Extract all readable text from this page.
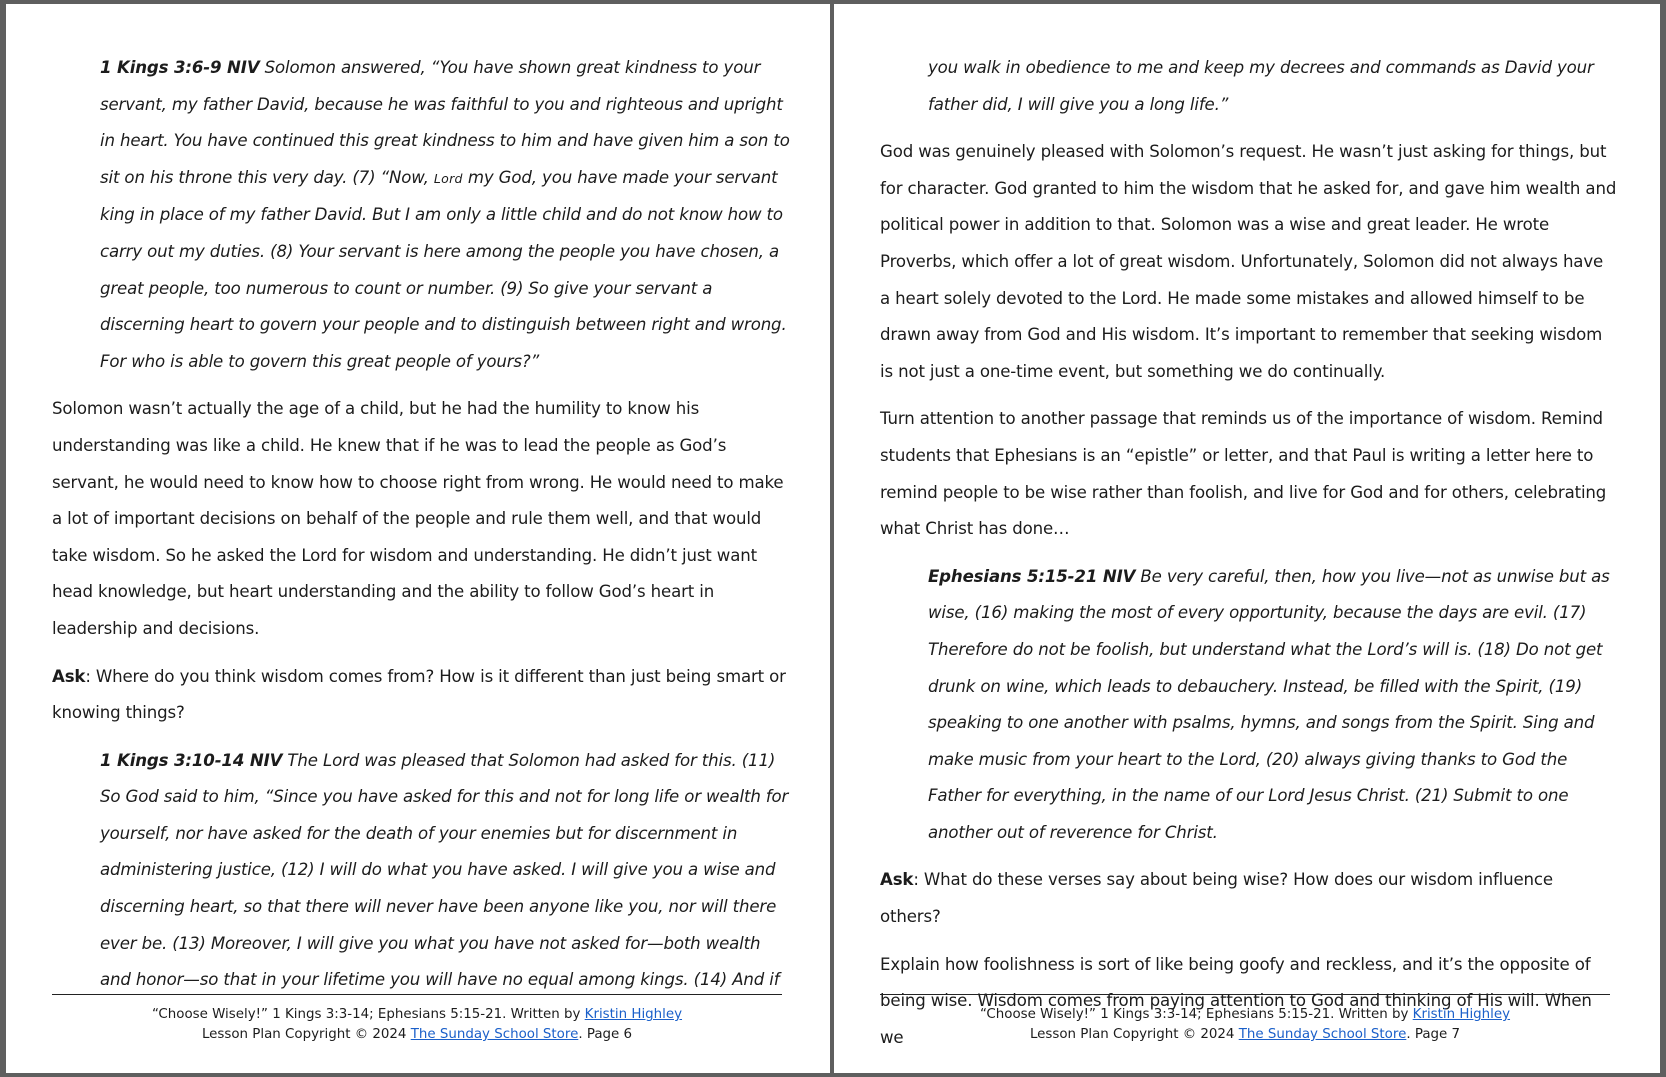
1 Kings 3:6-9 NIV Solomon answered, “You have shown great kindness to your servant, my father David, because he was faithful to you and righteous and upright in heart. You have continued this great kindness to him and have given him a son to sit on his throne this very day. (7) “Now, Lord my God, you have made your servant king in place of my father David. But I am only a little child and do not know how to carry out my duties. (8) Your servant is here among the people you have chosen, a great people, too numerous to count or number. (9) So give your servant a discerning heart to govern your people and to distinguish between right and wrong. For who is able to govern this great people of yours?”

Solomon wasn’t actually the age of a child, but he had the humility to know his understanding was like a child. He knew that if he was to lead the people as God’s servant, he would need to know how to choose right from wrong. He would need to make a lot of important decisions on behalf of the people and rule them well, and that would take wisdom. So he asked the Lord for wisdom and understanding. He didn’t just want head knowledge, but heart understanding and the ability to follow God’s heart in leadership and decisions.

Ask: Where do you think wisdom comes from? How is it different than just being smart or knowing things?

1 Kings 3:10-14 NIV The Lord was pleased that Solomon had asked for this. (11) So God said to him, “Since you have asked for this and not for long life or wealth for yourself, nor have asked for the death of your enemies but for discernment in administering justice, (12) I will do what you have asked. I will give you a wise and discerning heart, so that there will never have been anyone like you, nor will there ever be. (13) Moreover, I will give you what you have not asked for—both wealth and honor—so that in your lifetime you will have no equal among kings. (14) And if

“Choose Wisely!” 1 Kings 3:3-14; Ephesians 5:15-21. Written by Kristin Highley
Lesson Plan Copyright © 2024 The Sunday School Store. Page 6

you walk in obedience to me and keep my decrees and commands as David your father did, I will give you a long life.”

God was genuinely pleased with Solomon’s request. He wasn’t just asking for things, but for character. God granted to him the wisdom that he asked for, and gave him wealth and political power in addition to that. Solomon was a wise and great leader. He wrote Proverbs, which offer a lot of great wisdom. Unfortunately, Solomon did not always have a heart solely devoted to the Lord. He made some mistakes and allowed himself to be drawn away from God and His wisdom. It’s important to remember that seeking wisdom is not just a one-time event, but something we do continually.

Turn attention to another passage that reminds us of the importance of wisdom. Remind students that Ephesians is an “epistle” or letter, and that Paul is writing a letter here to remind people to be wise rather than foolish, and live for God and for others, celebrating what Christ has done…

Ephesians 5:15-21 NIV Be very careful, then, how you live—not as unwise but as wise, (16) making the most of every opportunity, because the days are evil. (17) Therefore do not be foolish, but understand what the Lord’s will is. (18) Do not get drunk on wine, which leads to debauchery. Instead, be filled with the Spirit, (19) speaking to one another with psalms, hymns, and songs from the Spirit. Sing and make music from your heart to the Lord, (20) always giving thanks to God the Father for everything, in the name of our Lord Jesus Christ. (21) Submit to one another out of reverence for Christ.

Ask: What do these verses say about being wise? How does our wisdom influence others?

Explain how foolishness is sort of like being goofy and reckless, and it’s the opposite of being wise. Wisdom comes from paying attention to God and thinking of His will. When we

“Choose Wisely!” 1 Kings 3:3-14; Ephesians 5:15-21. Written by Kristin Highley
Lesson Plan Copyright © 2024 The Sunday School Store. Page 7
